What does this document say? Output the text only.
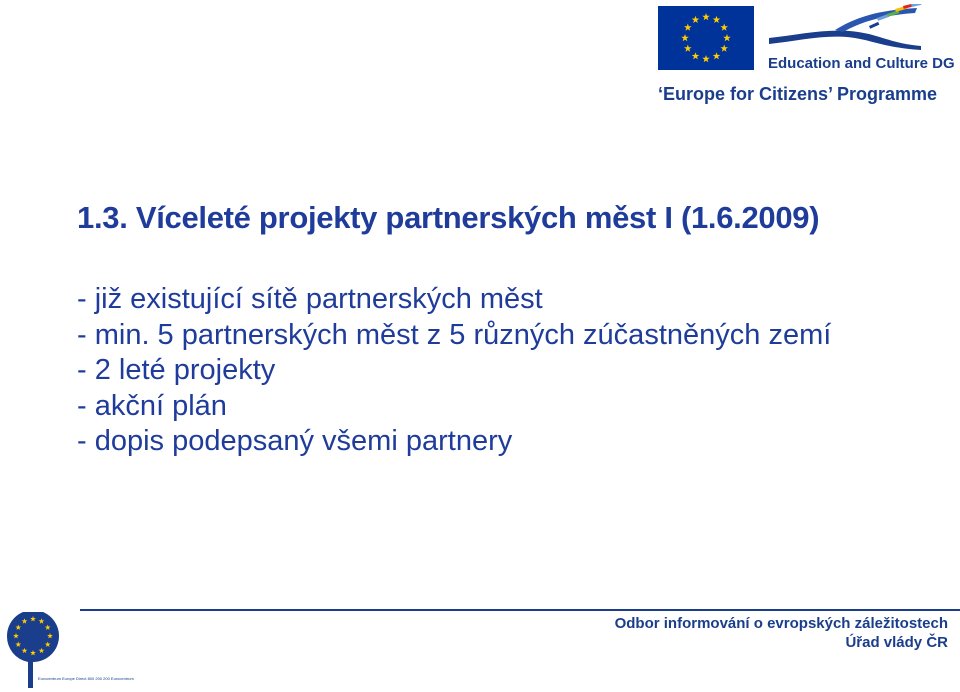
Education and Culture DG
‘Europe for Citizens’ Programme
1.3. Víceleté projekty partnerských měst I (1.6.2009)
- již existující sítě partnerských měst
- min. 5 partnerských měst z 5 různých zúčastněných zemí
- 2 leté projekty
- akční plán
- dopis podepsaný všemi partnery
Eurocentrum Europe Direct 800 200 200 Eurocentrum
Odbor informování o evropských záležitostech
Úřad vlády ČR
